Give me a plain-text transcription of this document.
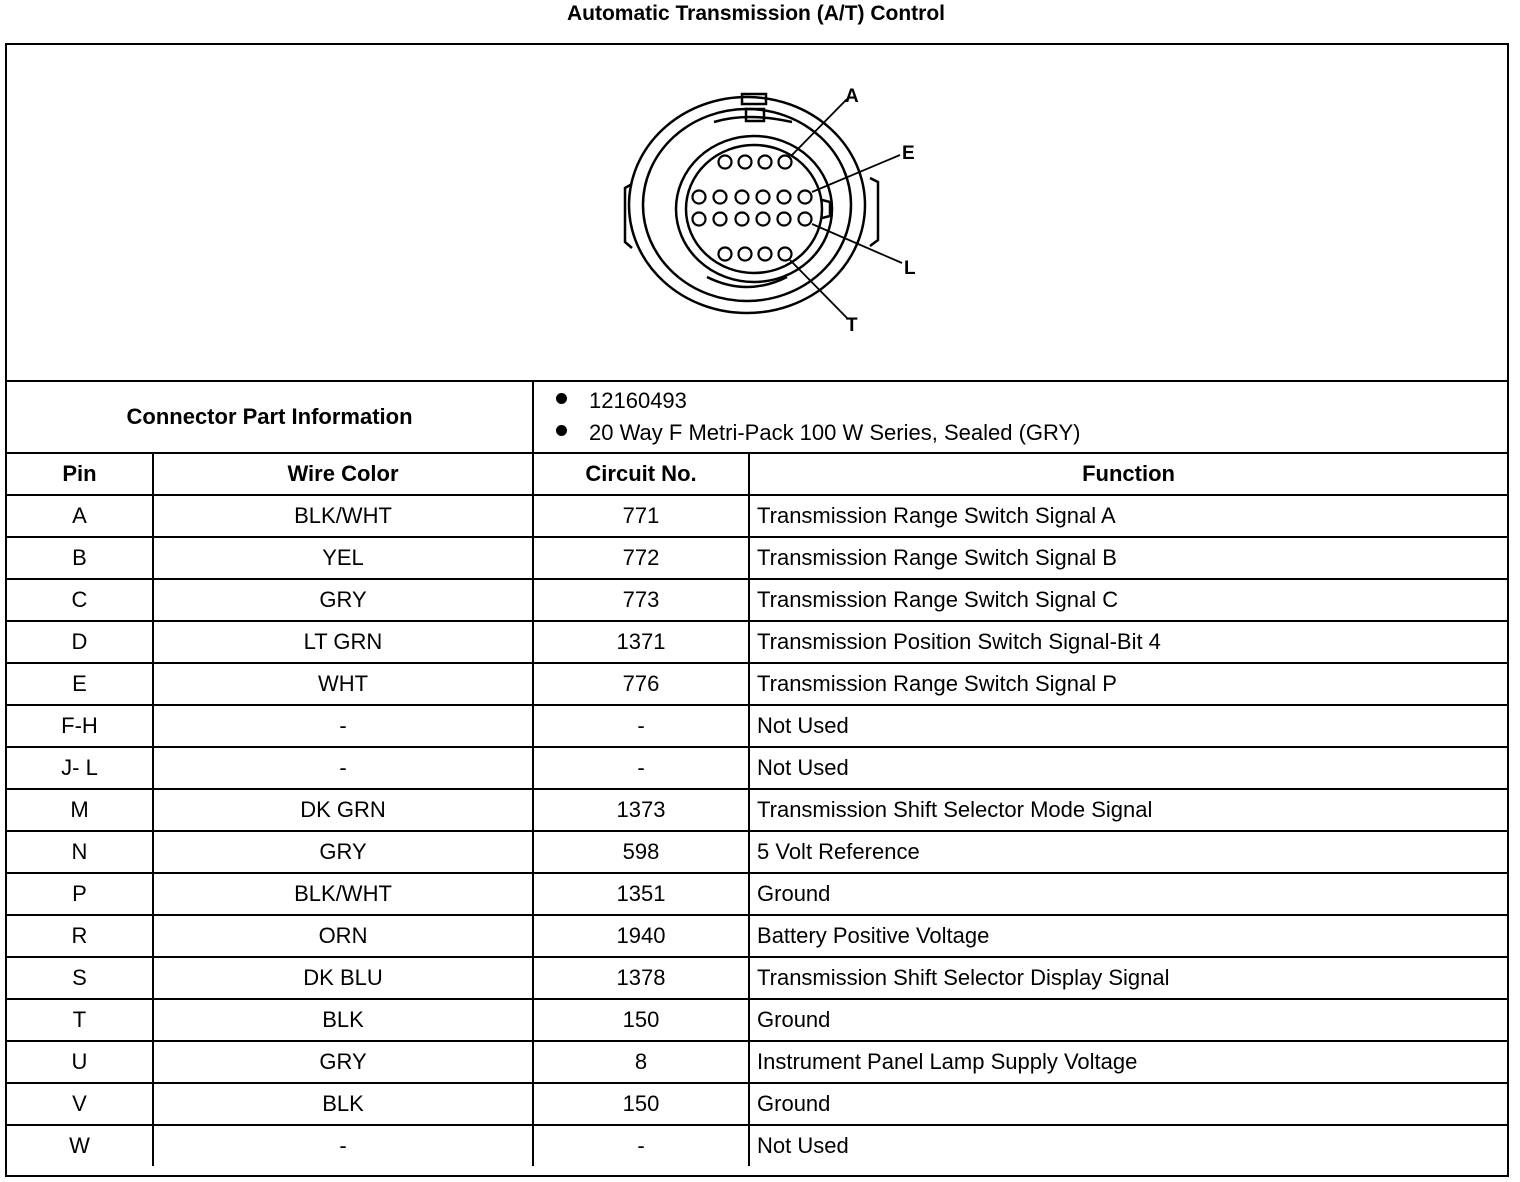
Automatic Transmission (A/T) Control
A
E
L
T
Connector Part Information		12160493
20 Way F Metri-Pack 100 W Series, Sealed (GRY)	

Pin	Wire Color	Circuit No.	Function
A	BLK/WHT	771	Transmission Range Switch Signal A
B	YEL	772	Transmission Range Switch Signal B
C	GRY	773	Transmission Range Switch Signal C
D	LT GRN	1371	Transmission Position Switch Signal-Bit 4
E	WHT	776	Transmission Range Switch Signal P
F-H	-	-	Not Used
J- L	-	-	Not Used
M	DK GRN	1373	Transmission Shift Selector Mode Signal
N	GRY	598	5 Volt Reference
P	BLK/WHT	1351	Ground
R	ORN	1940	Battery Positive Voltage
S	DK BLU	1378	Transmission Shift Selector Display Signal
T	BLK	150	Ground
U	GRY	8	Instrument Panel Lamp Supply Voltage
V	BLK	150	Ground
W	-	-	Not Used
